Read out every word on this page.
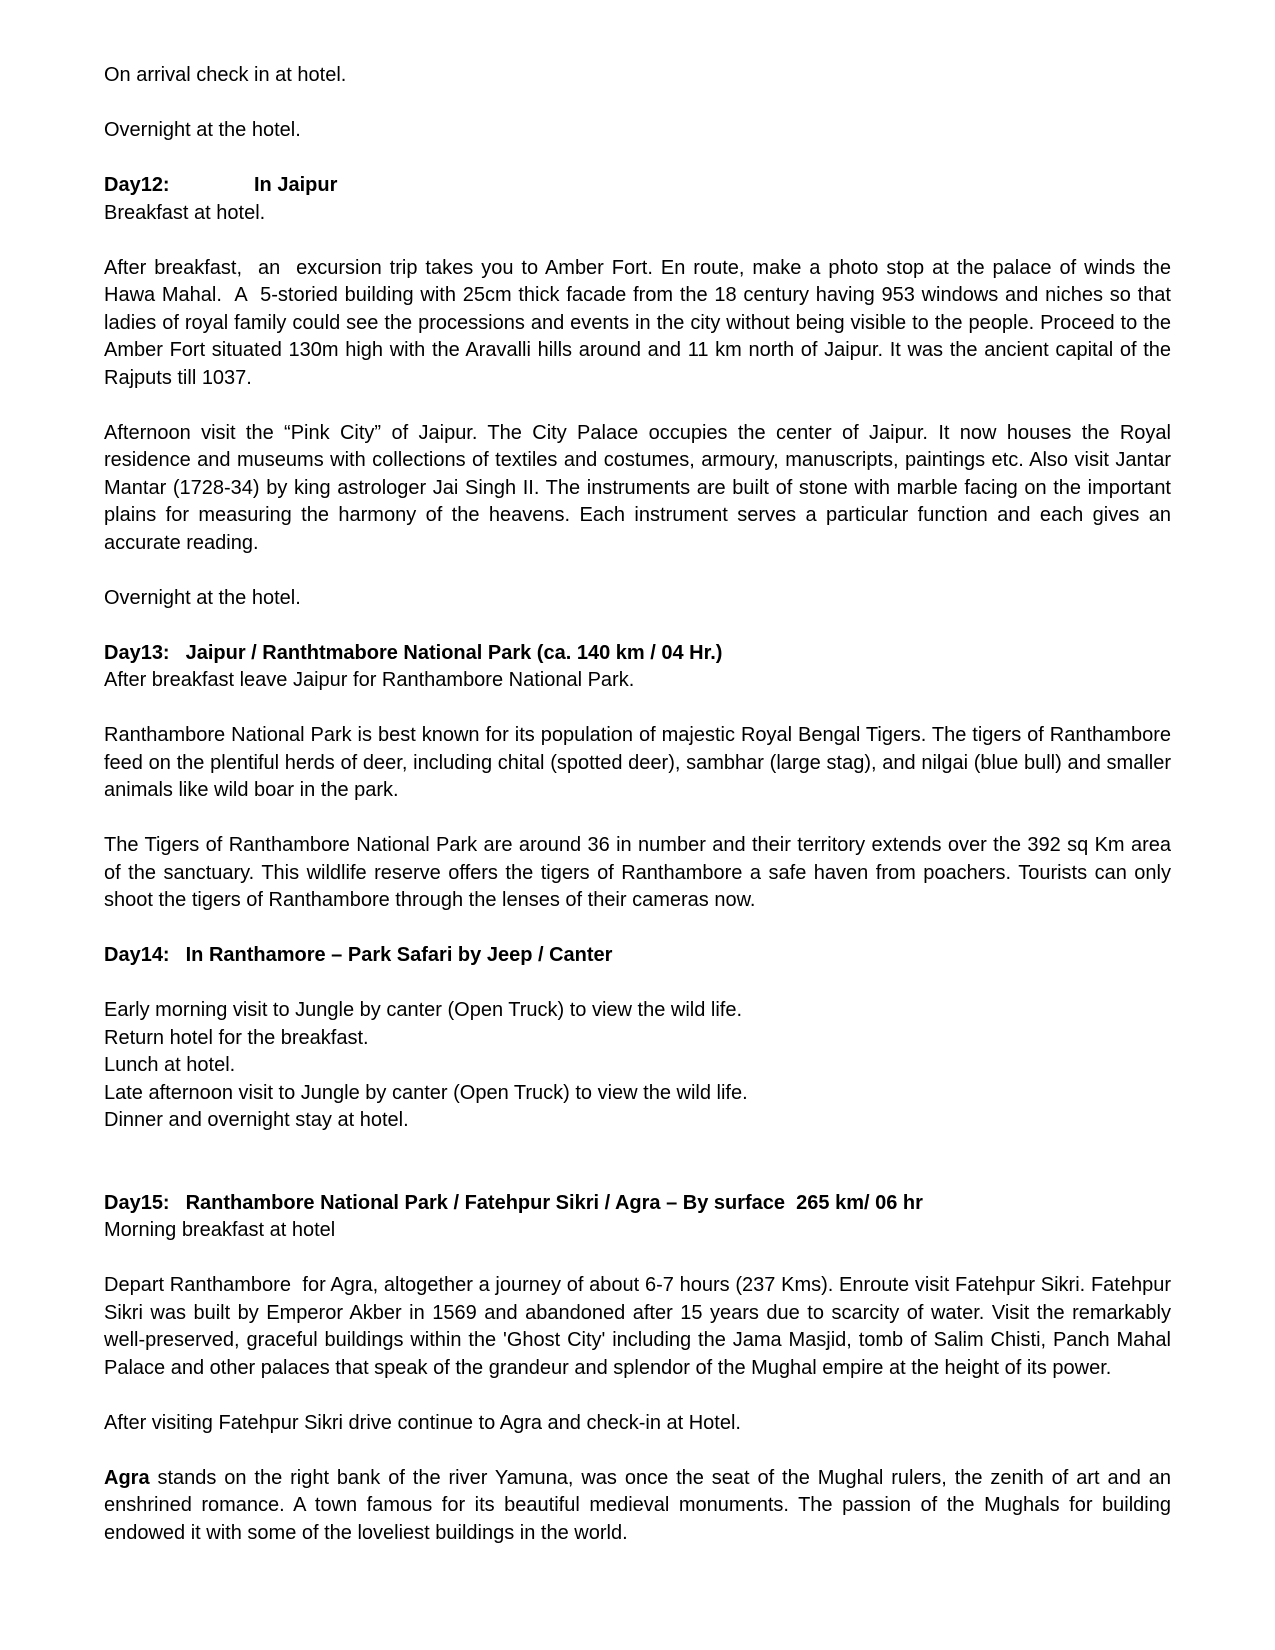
On arrival check in at hotel.

Overnight at the hotel.

Day12:	In Jaipur

Breakfast at hotel.

After breakfast,  an  excursion trip takes you to Amber Fort. En route, make a photo stop at the palace of winds the Hawa Mahal.  A  5-storied building with 25cm thick facade from the 18 century having 953 windows and niches so that ladies of royal family could see the processions and events in the city without being visible to the people. Proceed to the Amber Fort situated 130m high with the Aravalli hills around and 11 km north of Jaipur. It was the ancient capital of the Rajputs till 1037.

Afternoon visit the “Pink City” of Jaipur. The City Palace occupies the center of Jaipur. It now houses the Royal residence and museums with collections of textiles and costumes, armoury, manuscripts, paintings etc. Also visit Jantar Mantar (1728-34) by king astrologer Jai Singh II. The instruments are built of stone with marble facing on the important plains for measuring the harmony of the heavens. Each instrument serves a particular function and each gives an accurate reading.

Overnight at the hotel.

Day13: Jaipur / Ranthtmabore National Park (ca. 140 km / 04 Hr.)

After breakfast leave Jaipur for Ranthambore National Park.

Ranthambore National Park is best known for its population of majestic Royal Bengal Tigers. The tigers of Ranthambore feed on the plentiful herds of deer, including chital (spotted deer), sambhar (large stag), and nilgai (blue bull) and smaller animals like wild boar in the park.

The Tigers of Ranthambore National Park are around 36 in number and their territory extends over the 392 sq Km area of the sanctuary. This wildlife reserve offers the tigers of Ranthambore a safe haven from poachers. Tourists can only shoot the tigers of Ranthambore through the lenses of their cameras now.

Day14: In Ranthamore – Park Safari by Jeep / Canter

Early morning visit to Jungle by canter (Open Truck) to view the wild life.

Return hotel for the breakfast.

Lunch at hotel.

Late afternoon visit to Jungle by canter (Open Truck) to view the wild life.

Dinner and overnight stay at hotel.

Day15: Ranthambore National Park / Fatehpur Sikri / Agra – By surface  265 km/ 06 hr

Morning breakfast at hotel

Depart Ranthambore  for Agra, altogether a journey of about 6-7 hours (237 Kms). Enroute visit Fatehpur Sikri. Fatehpur Sikri was built by Emperor Akber in 1569 and abandoned after 15 years due to scarcity of water. Visit the remarkably well-preserved, graceful buildings within the 'Ghost City' including the Jama Masjid, tomb of Salim Chisti, Panch Mahal Palace and other palaces that speak of the grandeur and splendor of the Mughal empire at the height of its power.

After visiting Fatehpur Sikri drive continue to Agra and check-in at Hotel.

Agra stands on the right bank of the river Yamuna, was once the seat of the Mughal rulers, the zenith of art and an enshrined romance. A town famous for its beautiful medieval monuments. The passion of the Mughals for building endowed it with some of the loveliest buildings in the world.
